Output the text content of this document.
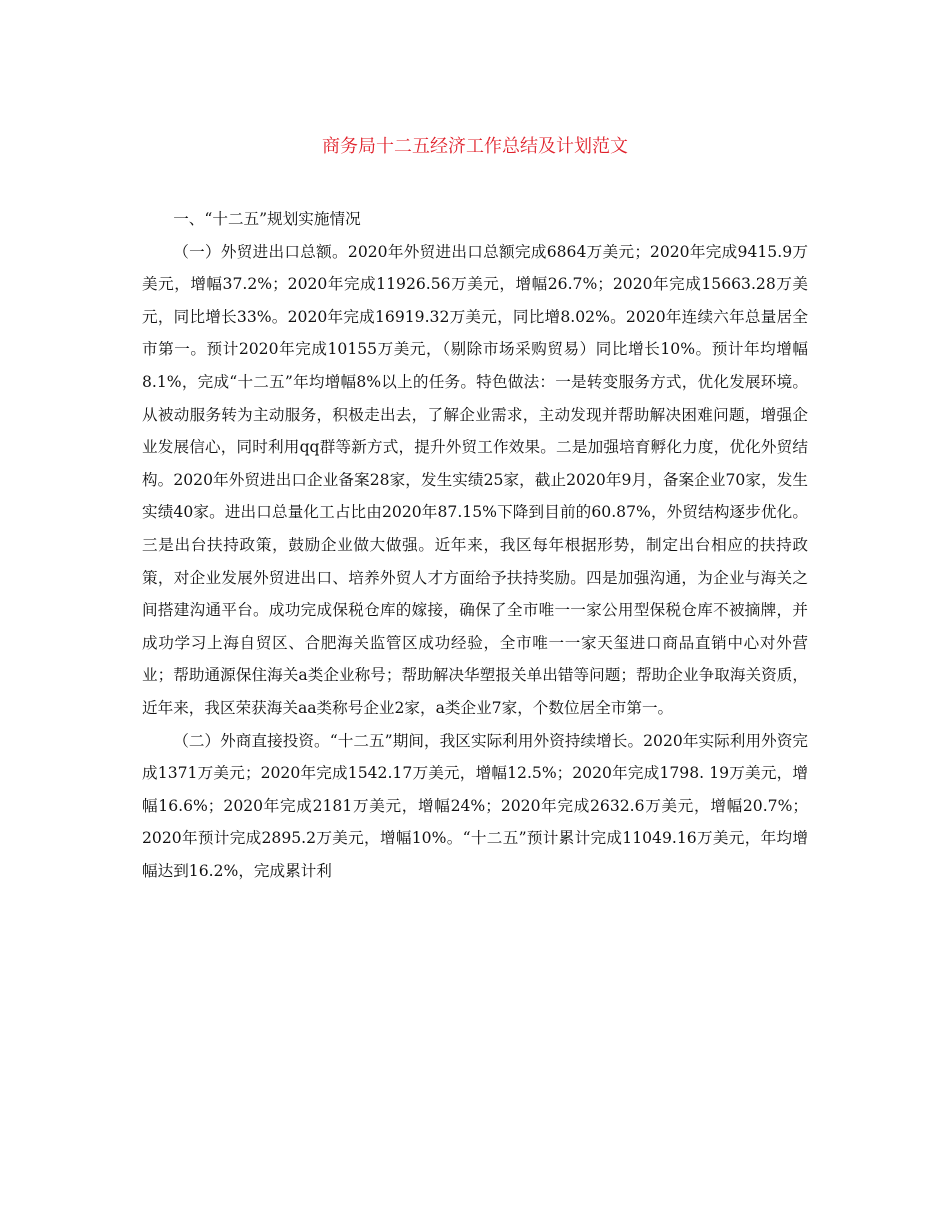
商务局十二五经济工作总结及计划范文
一、“十二五”规划实施情况

（一）外贸进出口总额。2020年外贸进出口总额完成6864万美元；2020年完成9415.9万美元，增幅37.2%；2020年完成11926.56万美元，增幅26.7%；2020年完成15663.28万美元，同比增长33%。2020年完成16919.32万美元，同比增8.02%。2020年连续六年总量居全市第一。预计2020年完成10155万美元，（剔除市场采购贸易）同比增长10%。预计年均增幅8.1%，完成“十二五”年均增幅8%以上的任务。特色做法：一是转变服务方式，优化发展环境。从被动服务转为主动服务，积极走出去，了解企业需求，主动发现并帮助解决困难问题，增强企业发展信心，同时利用qq群等新方式，提升外贸工作效果。二是加强培育孵化力度，优化外贸结构。2020年外贸进出口企业备案28家，发生实绩25家，截止2020年9月，备案企业70家，发生实绩40家。进出口总量化工占比由2020年87.15%下降到目前的60.87%，外贸结构逐步优化。三是出台扶持政策，鼓励企业做大做强。近年来，我区每年根据形势，制定出台相应的扶持政策，对企业发展外贸进出口、培养外贸人才方面给予扶持奖励。四是加强沟通，为企业与海关之间搭建沟通平台。成功完成保税仓库的嫁接，确保了全市唯一一家公用型保税仓库不被摘牌，并成功学习上海自贸区、合肥海关监管区成功经验，全市唯一一家天玺进口商品直销中心对外营业；帮助通源保住海关a类企业称号；帮助解决华塑报关单出错等问题；帮助企业争取海关资质，近年来，我区荣获海关aa类称号企业2家，a类企业7家，个数位居全市第一。

（二）外商直接投资。“十二五”期间，我区实际利用外资持续增长。2020年实际利用外资完成1371万美元；2020年完成1542.17万美元，增幅12.5%；2020年完成1798. 19万美元，增幅16.6%；2020年完成2181万美元，增幅24%；2020年完成2632.6万美元，增幅20.7%；2020年预计完成2895.2万美元，增幅10%。“十二五”预计累计完成11049.16万美元，年均增幅达到16.2%，完成累计利
